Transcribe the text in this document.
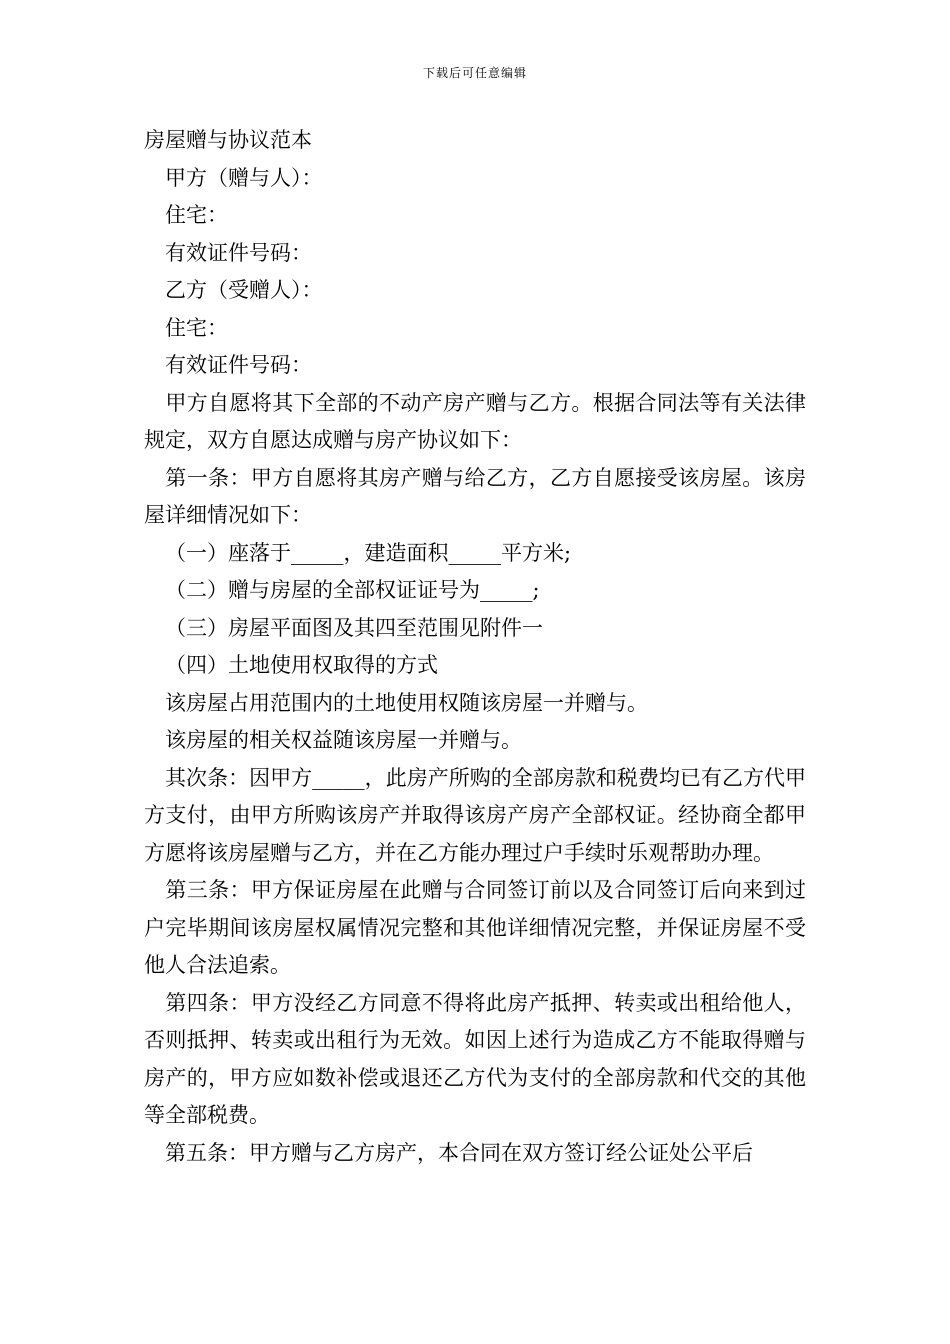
下载后可任意编辑

房屋赠与协议范本

甲方（赠与人）：

住宅：

有效证件号码：

乙方（受赠人）：

住宅：

有效证件号码：

　甲方自愿将其下全部的不动产房产赠与乙方。根据合同法等有关法律规定，双方自愿达成赠与房产协议如下：

　第一条：甲方自愿将其房产赠与给乙方，乙方自愿接受该房屋。该房屋详细情况如下：

（一）座落于_____，建造面积_____平方米;

（二）赠与房屋的全部权证证号为_____;

（三）房屋平面图及其四至范围见附件一

（四）土地使用权取得的方式

该房屋占用范围内的土地使用权随该房屋一并赠与。

该房屋的相关权益随该房屋一并赠与。

　其次条：因甲方_____，此房产所购的全部房款和税费均已有乙方代甲方支付，由甲方所购该房产并取得该房产房产全部权证。经协商全都甲方愿将该房屋赠与乙方，并在乙方能办理过户手续时乐观帮助办理。

　第三条：甲方保证房屋在此赠与合同签订前以及合同签订后向来到过户完毕期间该房屋权属情况完整和其他详细情况完整，并保证房屋不受他人合法追索。

　第四条：甲方没经乙方同意不得将此房产抵押、转卖或出租给他人，否则抵押、转卖或出租行为无效。如因上述行为造成乙方不能取得赠与房产的，甲方应如数补偿或退还乙方代为支付的全部房款和代交的其他等全部税费。

　第五条：甲方赠与乙方房产，本合同在双方签订经公证处公平后
